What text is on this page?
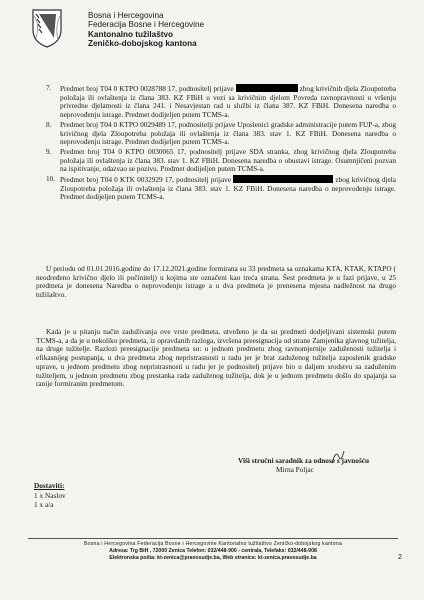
Bosna i Hercegovina
Federacija Bosne i Hercegovine
Kantonalno tužilaštvo
Zeničko-dobojskog kantona
7. Predmet broj T04 0 KTPO 0028788 17, podnositelj prijave	zbog krivičnih djela Zloupotreba položaja ili ovlaštenja iz člana 383. KZ FBiH u vezi sa krivičnim djelom Povreda ravnopravnosti u vršenju privredne djelatnosti iz člana 241. i Nesavjestan rad u službi iz člana 387. KZ FBiH. Donesena naredba o neprovođenju istrage. Predmet dodijeljen putem TCMS-a.
8. Predmet broj T04 0 KTPO 0029489 17, podnositelji prijave Uposlenici gradske administracije putem FUP-a, zbog krivičnog djela Zloupotreba položaja ili ovlaštenja iz člana 383. stav 1. KZ FBiH. Donesena naredba o neprovođenju istrage. Predmet dodijeljen putem TCMS-a.
9. Predmet broj T04 0 KTPO 0030065 17, podnositelj prijave SDA stranka, zbog krivičnog djela Zloupotreba položaja ili ovlaštenja iz člana 383. stav 1. KZ FBiH. Donesena naredba o obustavi istrage. Osumnjičeni pozvan na ispitivanje, odazvao se pozivu. Predmet dodijeljen putem TCMS-a.
10. Predmet broj T04 0 KTK 0032929 17, podnositelj prijave	zbog krivičnog djela Zloupotreba položaja ili ovlaštenja iz člana 383. stav 1. KZ FBiH. Donesena naredba o neprovođenju istrage. Predmet dodijeljen putem TCMS-a.
U periodu od 01.01.2016.godine do 17.12.2021.godine formirana su 33 predmeta sa oznakama KTA, KTAK, KTAPO ( neodređeno krivično djelo ili počinitelj) u kojima ste označeni kao treća strana. Šest predmeta je u fazi prijave, u 25 predmeta je donesena Naredba o neprovođenju istrage a u dva predmeta je prenesena mjesna nadležnost na drugo tužilaštvo.
Kada je u pitanju način zaduživanja ovе vrste predmeta, utvrđeno je da su predmeti dodjeljivani sistemski putem TCMS-a, a da je u nekoliko predmeta, iz opravdanih razloga, izvršena preesignacija od strane Zamjenika glavnog tužitelja, na druge tužitelje. Razlozi preesignacije predmeta su: u jednom predmetu zbog ravnomjernije zaduženosti tužitelja i efikasnijeg postupanja, u dva predmeta zbog nepristrasnosti u radu jer je brat zaduženog tužitelja zaposlenik gradske uprave, u jednom predmetu zbog nepristrasnosti u radu jer je podnositelj prijave bio u daljem srodstvu sa zaduženim tužiteljem, u jednom predmetu zbog prestanka rada zaduženog tužitelja, dok je u jednom predmetu došlo do spajanja sa ranije formiranim predmetom.
Viši stručni saradnik za odnose s javnošću
Mirna Poljac
Dostaviti:
1 x Naslov
1 x a/a
Bosna i Hercegovina Federacija Bosne i Hercegovine Kantonalno tužilaštvo Zeničko-dobojskog kantona
Adresa: Trg BiH , 72000 Zenica Telefon: 032/448-900 - centrala, Telefaks: 032/448-908
Elektronska pošta: kt-zenica@pravosudje.ba, Web stranica: kt-zenica.pravosudje.ba	2
